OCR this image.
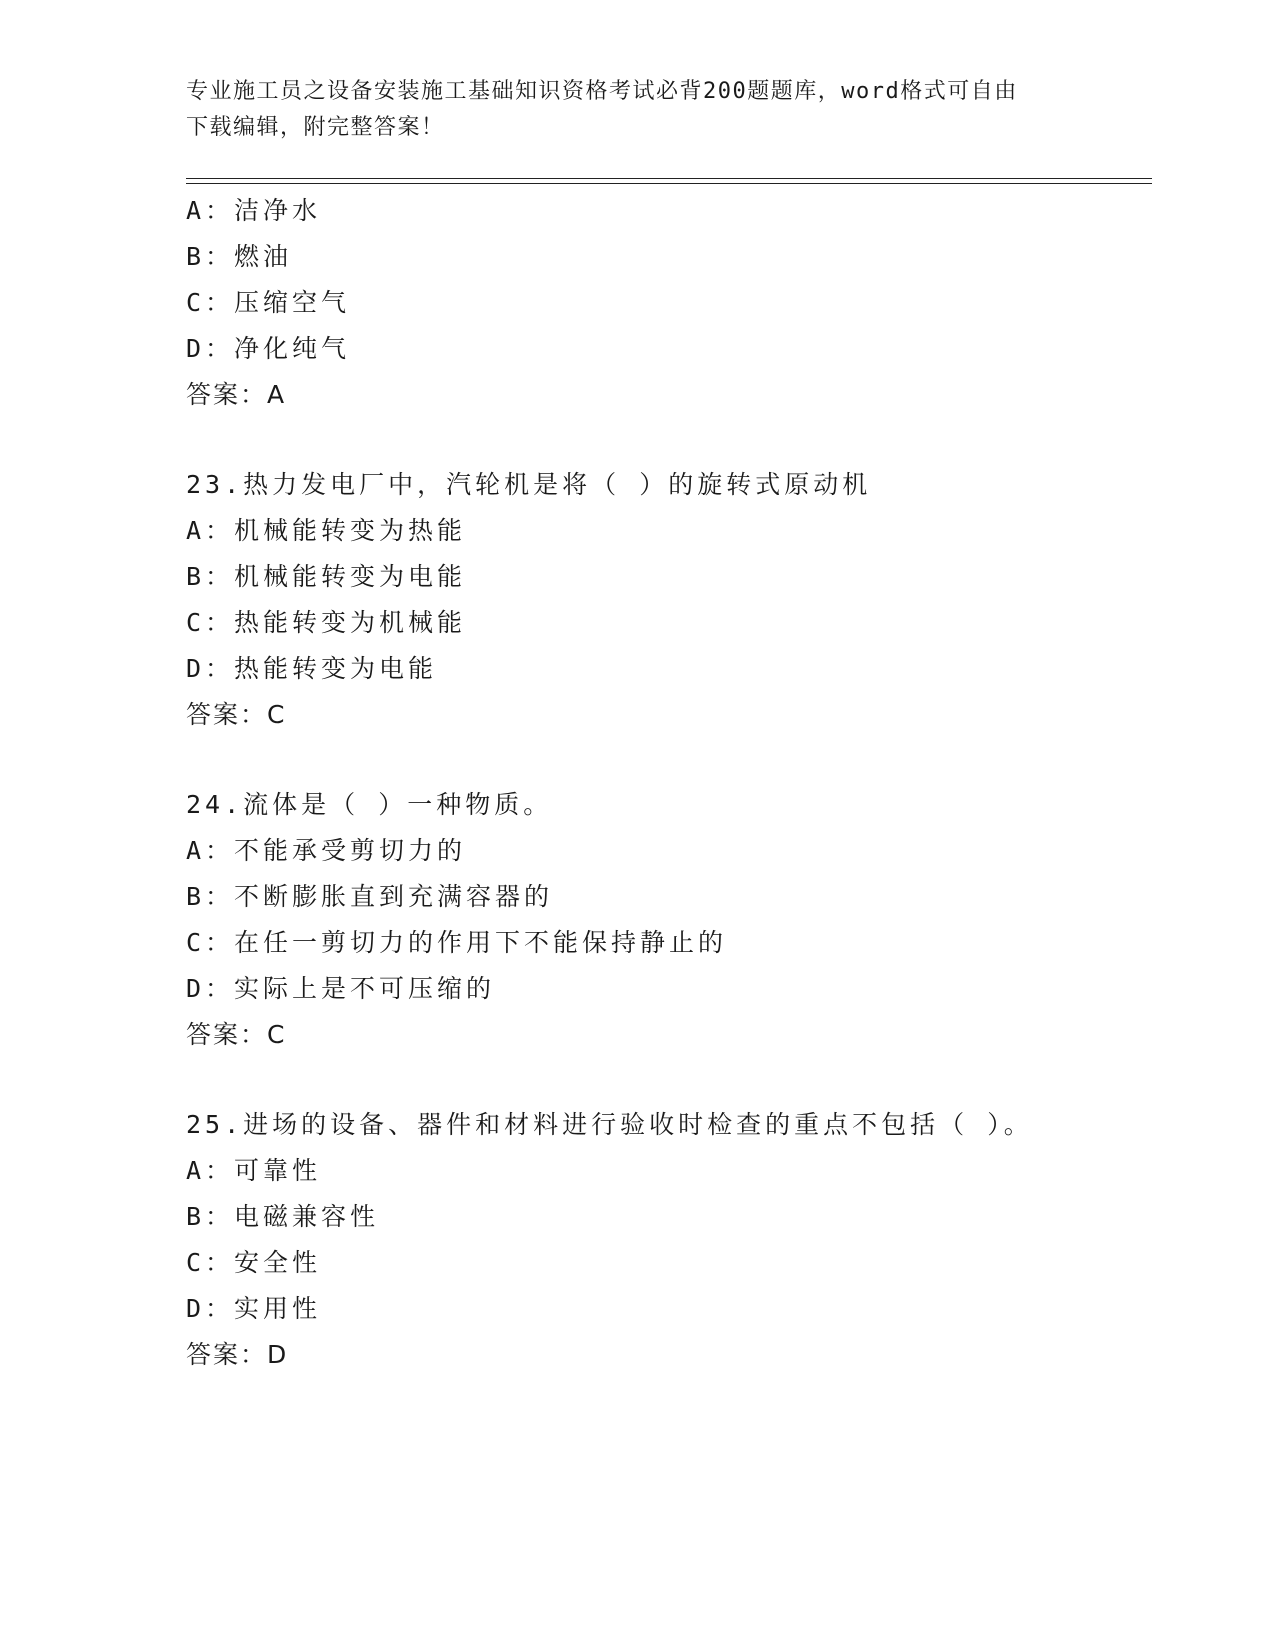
专业施工员之设备安装施工基础知识资格考试必背200题题库，word格式可自由
下载编辑，附完整答案！
A：洁净水
B：燃油
C：压缩空气
D：净化纯气
答案：A
23.热力发电厂中，汽轮机是将（ ）的旋转式原动机
A：机械能转变为热能
B：机械能转变为电能
C：热能转变为机械能
D：热能转变为电能
答案：C
24.流体是（ ）一种物质。
A：不能承受剪切力的
B：不断膨胀直到充满容器的
C：在任一剪切力的作用下不能保持静止的
D：实际上是不可压缩的
答案：C
25.进场的设备、器件和材料进行验收时检查的重点不包括（ ）。
A：可靠性
B：电磁兼容性
C：安全性
D：实用性
答案：D
